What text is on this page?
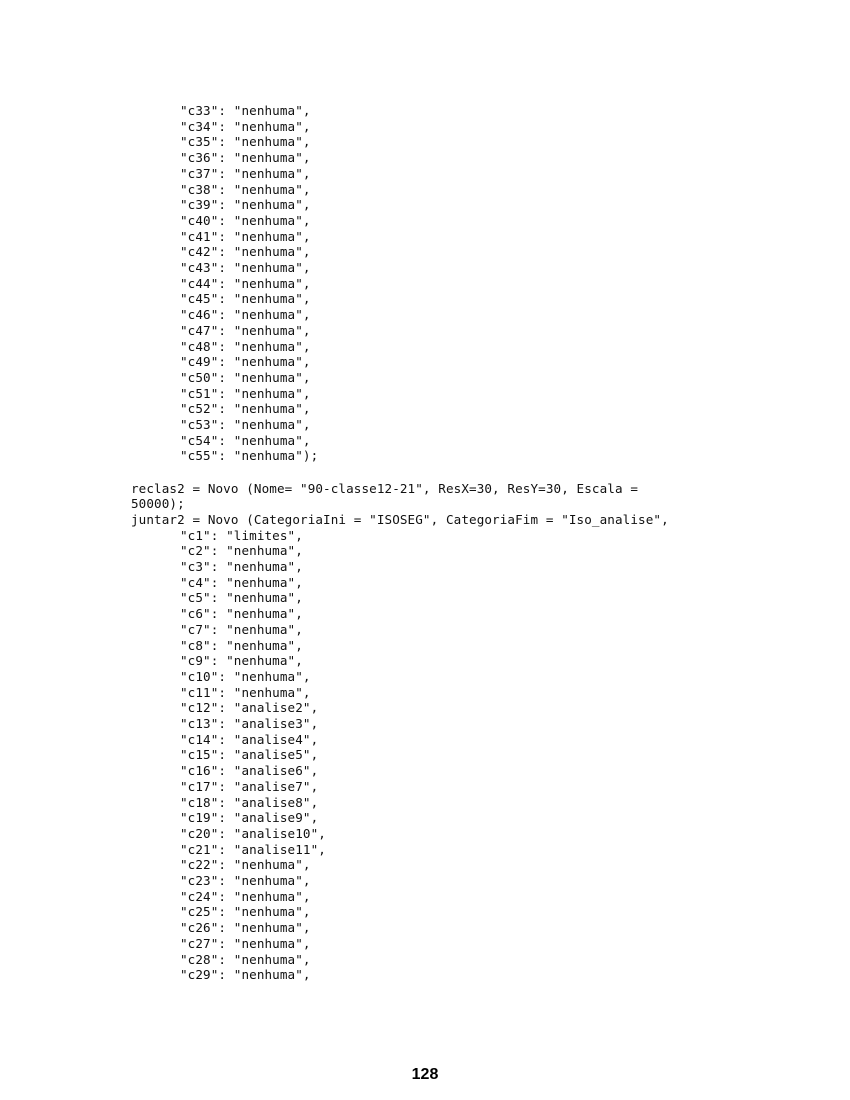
"c33": "nenhuma",
"c34": "nenhuma",
"c35": "nenhuma",
"c36": "nenhuma",
"c37": "nenhuma",
"c38": "nenhuma",
"c39": "nenhuma",
"c40": "nenhuma",
"c41": "nenhuma",
"c42": "nenhuma",
"c43": "nenhuma",
"c44": "nenhuma",
"c45": "nenhuma",
"c46": "nenhuma",
"c47": "nenhuma",
"c48": "nenhuma",
"c49": "nenhuma",
"c50": "nenhuma",
"c51": "nenhuma",
"c52": "nenhuma",
"c53": "nenhuma",
"c54": "nenhuma",
"c55": "nenhuma");
reclas2 = Novo (Nome= "90-classe12-21", ResX=30, ResY=30, Escala =
50000);
juntar2 = Novo (CategoriaIni = "ISOSEG", CategoriaFim = "Iso_analise",
"c1": "limites",
"c2": "nenhuma",
"c3": "nenhuma",
"c4": "nenhuma",
"c5": "nenhuma",
"c6": "nenhuma",
"c7": "nenhuma",
"c8": "nenhuma",
"c9": "nenhuma",
"c10": "nenhuma",
"c11": "nenhuma",
"c12": "analise2",
"c13": "analise3",
"c14": "analise4",
"c15": "analise5",
"c16": "analise6",
"c17": "analise7",
"c18": "analise8",
"c19": "analise9",
"c20": "analise10",
"c21": "analise11",
"c22": "nenhuma",
"c23": "nenhuma",
"c24": "nenhuma",
"c25": "nenhuma",
"c26": "nenhuma",
"c27": "nenhuma",
"c28": "nenhuma",
"c29": "nenhuma",
128
